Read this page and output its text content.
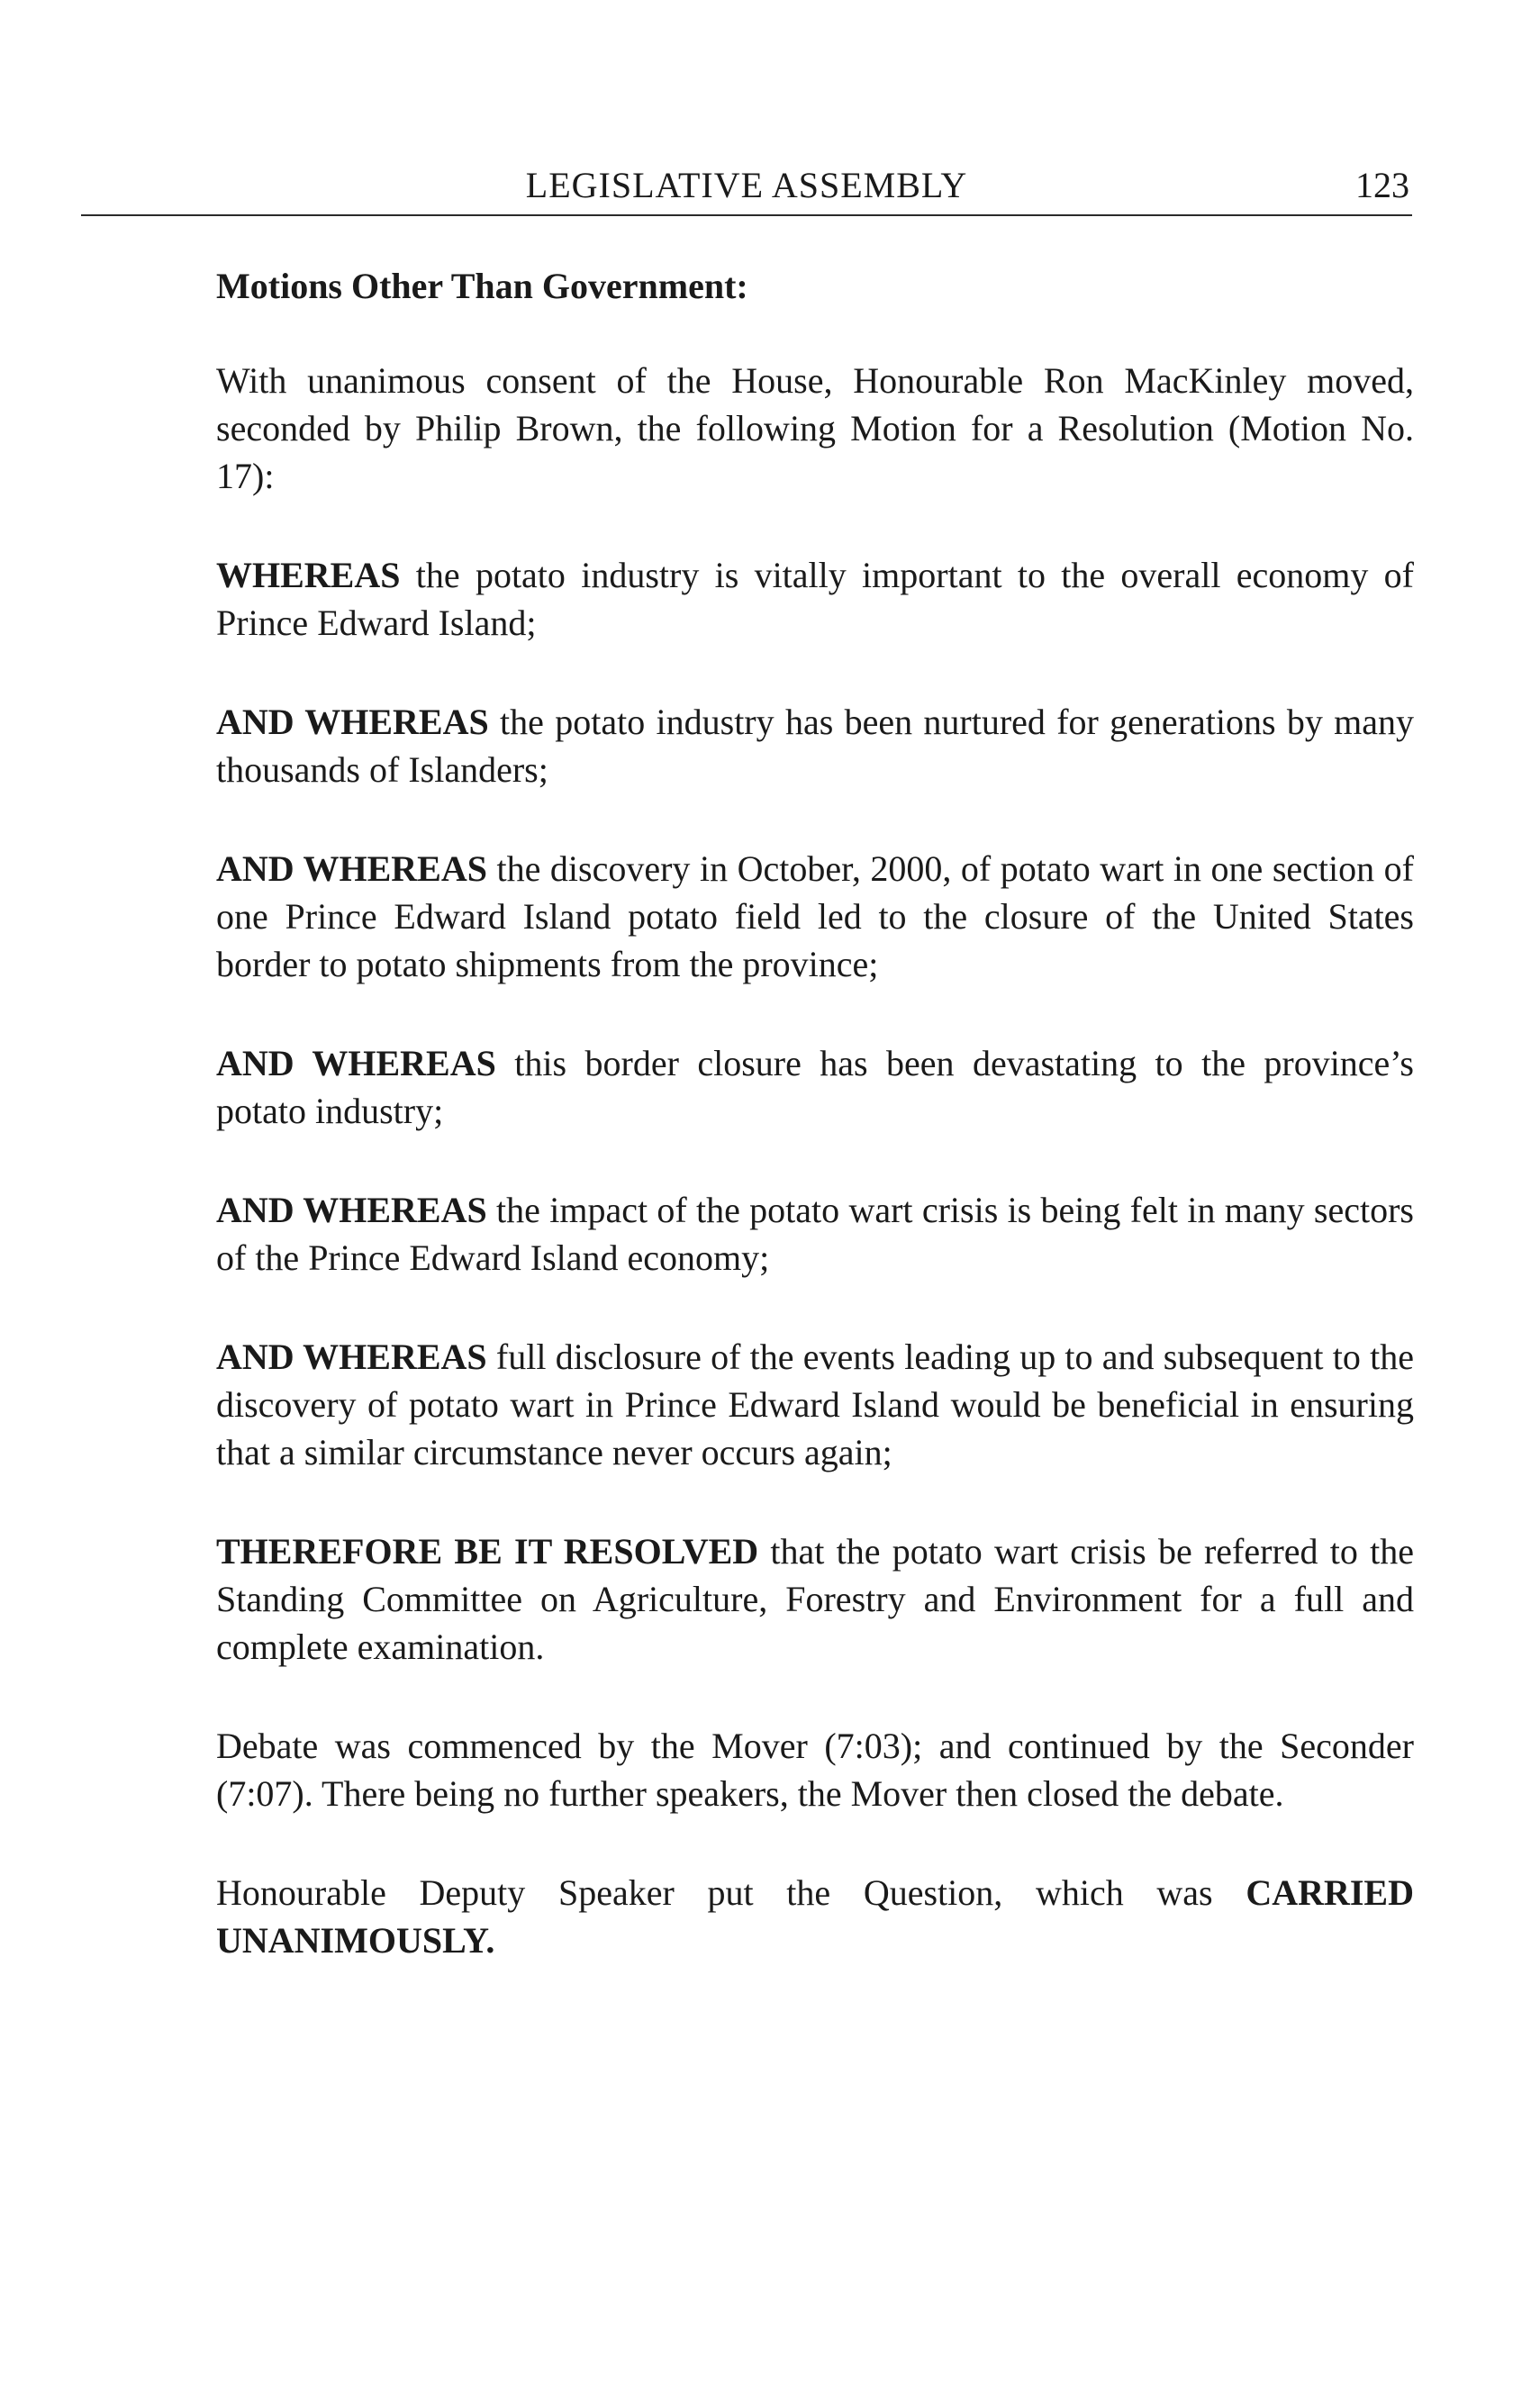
LEGISLATIVE ASSEMBLY	123
Motions Other Than Government:

With unanimous consent of the House, Honourable Ron MacKinley moved, seconded by Philip Brown, the following Motion for a Resolution (Motion No. 17):

WHEREAS the potato industry is vitally important to the overall economy of Prince Edward Island;

AND WHEREAS the potato industry has been nurtured for generations by many thousands of Islanders;

AND WHEREAS the discovery in October, 2000, of potato wart in one section of one Prince Edward Island potato field led to the closure of the United States border to potato shipments from the province;

AND WHEREAS this border closure has been devastating to the province’s potato industry;

AND WHEREAS the impact of the potato wart crisis is being felt in many sectors of the Prince Edward Island economy;

AND WHEREAS full disclosure of the events leading up to and subsequent to the discovery of potato wart in Prince Edward Island would be beneficial in ensuring that a similar circumstance never occurs again;

THEREFORE BE IT RESOLVED that the potato wart crisis be referred to the Standing Committee on Agriculture, Forestry and Environment for a full and complete examination.

Debate was commenced by the Mover (7:03); and continued by the Seconder (7:07). There being no further speakers, the Mover then closed the debate.

Honourable Deputy Speaker put the Question, which was CARRIED UNANIMOUSLY.
